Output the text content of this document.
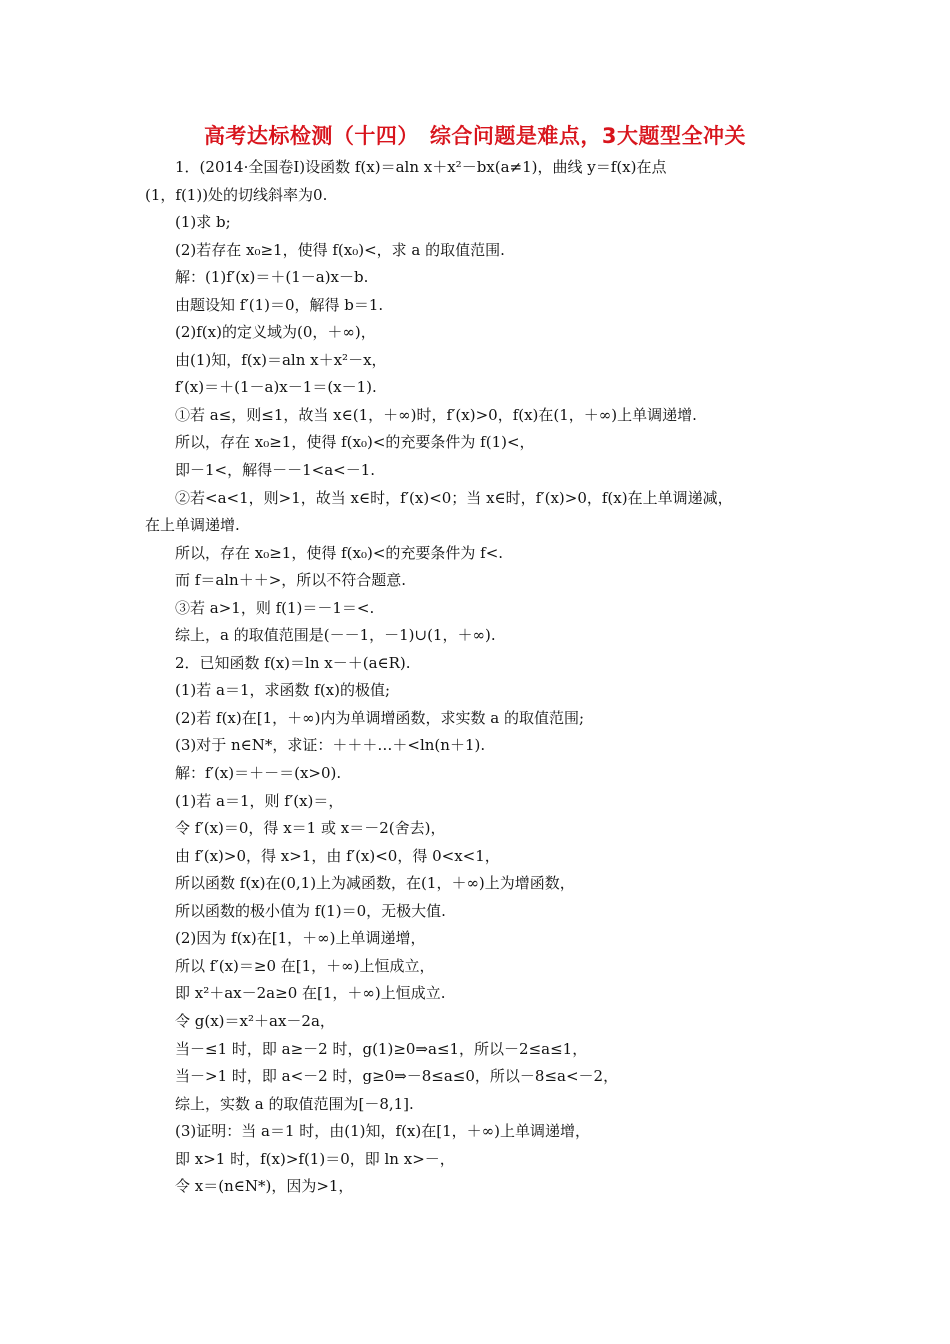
高考达标检测（十四）　综合问题是难点，3大题型全冲关
1．(2014·全国卷Ⅰ)设函数 f(x)＝aln x＋x²－bx(a≠1)，曲线 y＝f(x)在点
(1，f(1))处的切线斜率为0.
(1)求 b;
(2)若存在 x₀≥1，使得 f(x₀)<，求 a 的取值范围.
解：(1)f′(x)＝＋(1－a)x－b.
由题设知 f′(1)＝0，解得 b＝1.
(2)f(x)的定义域为(0，＋∞)，
由(1)知，f(x)＝aln x＋x²－x，
f′(x)＝＋(1－a)x－1＝(x－1).
①若 a≤，则≤1，故当 x∈(1，＋∞)时，f′(x)>0，f(x)在(1，＋∞)上单调递增.
所以，存在 x₀≥1，使得 f(x₀)<的充要条件为 f(1)<，
即－1<，解得－－1<a<－1.
②若<a<1，则>1，故当 x∈时，f′(x)<0；当 x∈时，f′(x)>0，f(x)在上单调递减，
在上单调递增.
所以，存在 x₀≥1，使得 f(x₀)<的充要条件为 f<.
而 f＝aln＋＋>，所以不符合题意.
③若 a>1，则 f(1)＝－1＝<.
综上，a 的取值范围是(－－1，－1)∪(1，＋∞).
2．已知函数 f(x)＝ln x－＋(a∈R).
(1)若 a＝1，求函数 f(x)的极值;
(2)若 f(x)在[1，＋∞)内为单调增函数，求实数 a 的取值范围;
(3)对于 n∈N*，求证：＋＋＋…＋<ln(n＋1).
解：f′(x)＝＋－＝(x>0).
(1)若 a＝1，则 f′(x)＝，
令 f′(x)＝0，得 x＝1 或 x＝－2(舍去)，
由 f′(x)>0，得 x>1，由 f′(x)<0，得 0<x<1，
所以函数 f(x)在(0,1)上为减函数，在(1，＋∞)上为增函数，
所以函数的极小值为 f(1)＝0，无极大值.
(2)因为 f(x)在[1，＋∞)上单调递增，
所以 f′(x)＝≥0 在[1，＋∞)上恒成立，
即 x²＋ax－2a≥0 在[1，＋∞)上恒成立.
令 g(x)＝x²＋ax－2a，
当－≤1 时，即 a≥－2 时，g(1)≥0⇒a≤1，所以－2≤a≤1，
当－>1 时，即 a<－2 时，g≥0⇒－8≤a≤0，所以－8≤a<－2，
综上，实数 a 的取值范围为[－8,1].
(3)证明：当 a＝1 时，由(1)知，f(x)在[1，＋∞)上单调递增，
即 x>1 时，f(x)>f(1)＝0，即 ln x>－，
令 x＝(n∈N*)，因为>1，
